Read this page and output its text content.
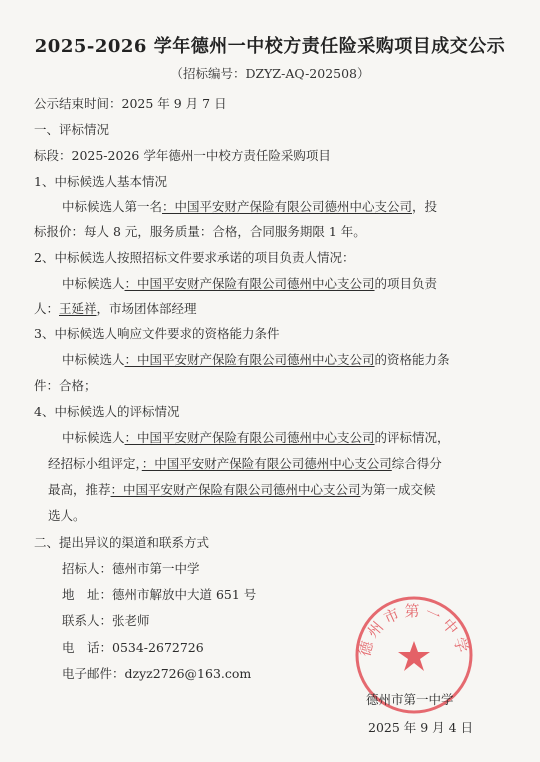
2025-2026 学年德州一中校方责任险采购项目成交公示
（招标编号：DZYZ-AQ-202508）
公示结束时间：2025 年 9 月 7 日
一、评标情况
标段：2025-2026 学年德州一中校方责任险采购项目
1、中标候选人基本情况
中标候选人第一名：中国平安财产保险有限公司德州中心支公司，投
标报价：每人 8 元，服务质量：合格，合同服务期限 1 年。
2、中标候选人按照招标文件要求承诺的项目负责人情况：
中标候选人：中国平安财产保险有限公司德州中心支公司的项目负责
人：王延祥，市场团体部经理
3、中标候选人响应文件要求的资格能力条件
中标候选人：中国平安财产保险有限公司德州中心支公司的资格能力条
件：合格；
4、中标候选人的评标情况
中标候选人：中国平安财产保险有限公司德州中心支公司的评标情况，
经招标小组评定，：中国平安财产保险有限公司德州中心支公司综合得分
最高，推荐：中国平安财产保险有限公司德州中心支公司为第一成交候
选人。
二、提出异议的渠道和联系方式
招标人：德州市第一中学
地　址：德州市解放中大道 651 号
联系人：张老师
电　话：0534-2672726
电子邮件：dzyz2726@163.com
德州市第一中学
德州市第一中学
2025 年 9 月 4 日
